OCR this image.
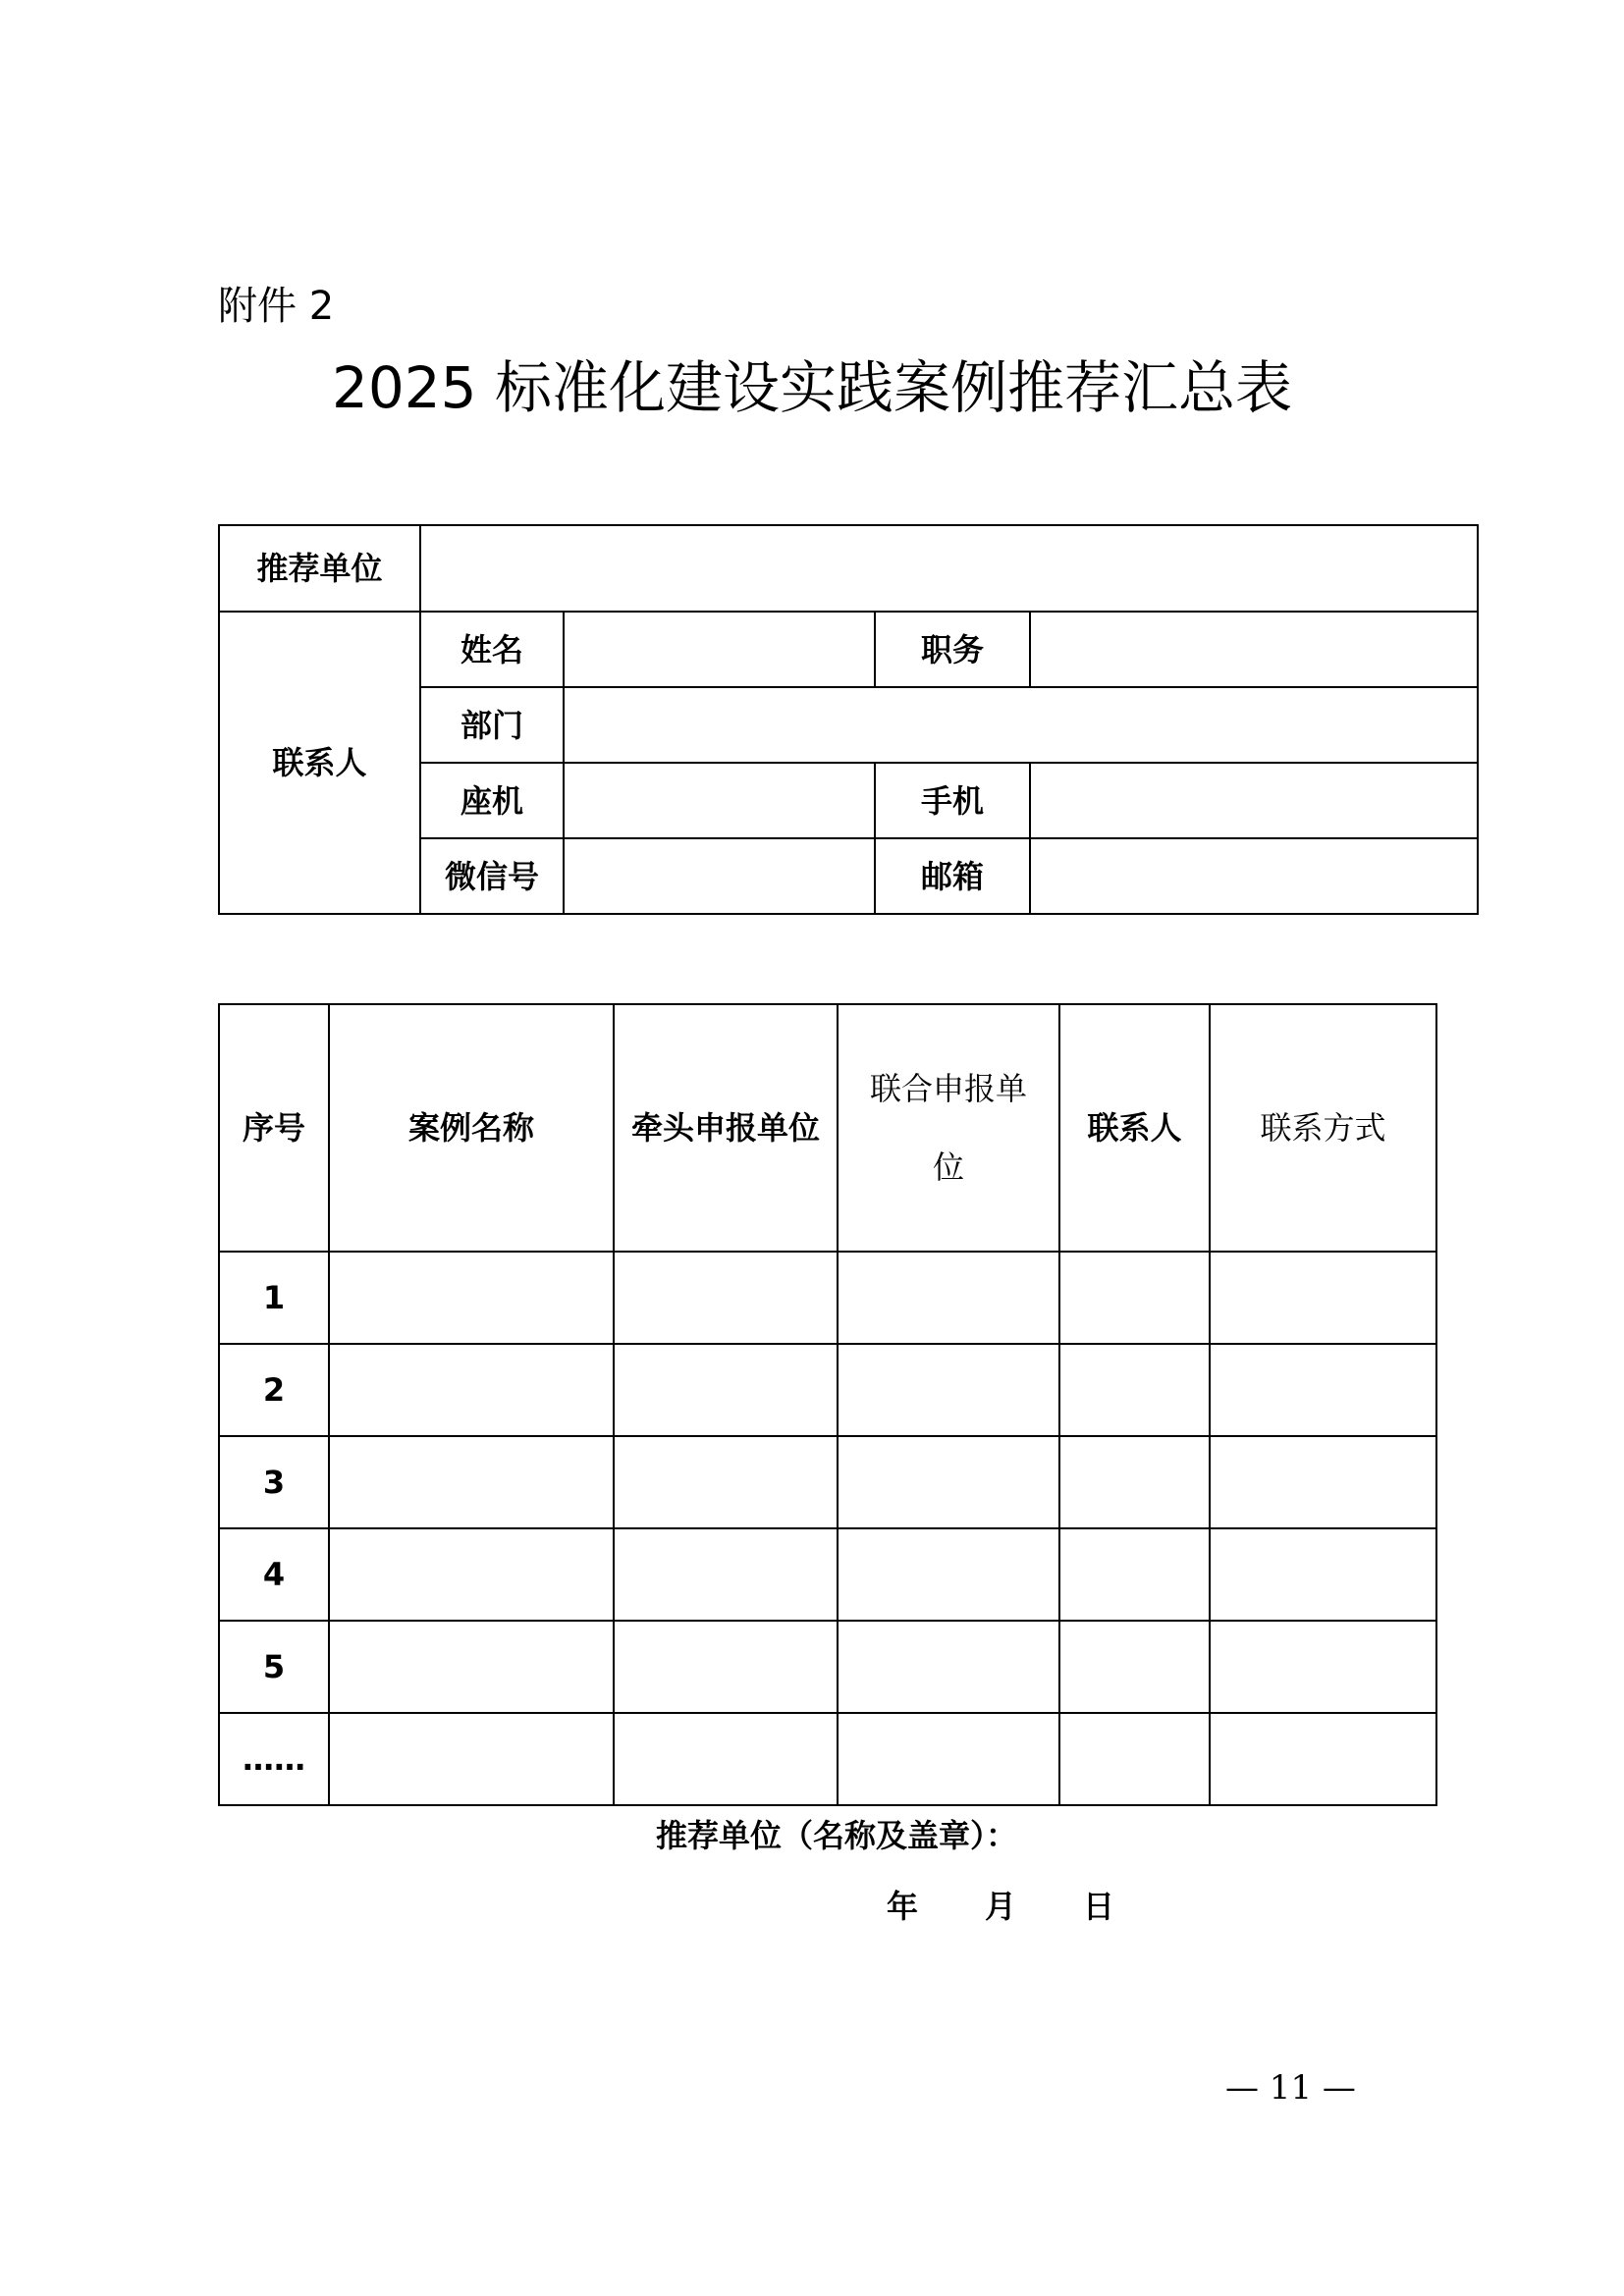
附件 2
2025 标准化建设实践案例推荐汇总表
推荐单位				
联系人	姓名		职务	
	部门			
	座机		手机	
	微信号		邮箱	
序号	案例名称	牵头申报单位	联合申报单
位	联系人	联系方式
1					
2					
3					
4					
5					
……					
推荐单位（名称及盖章）：
年 月 日
— 11 —
